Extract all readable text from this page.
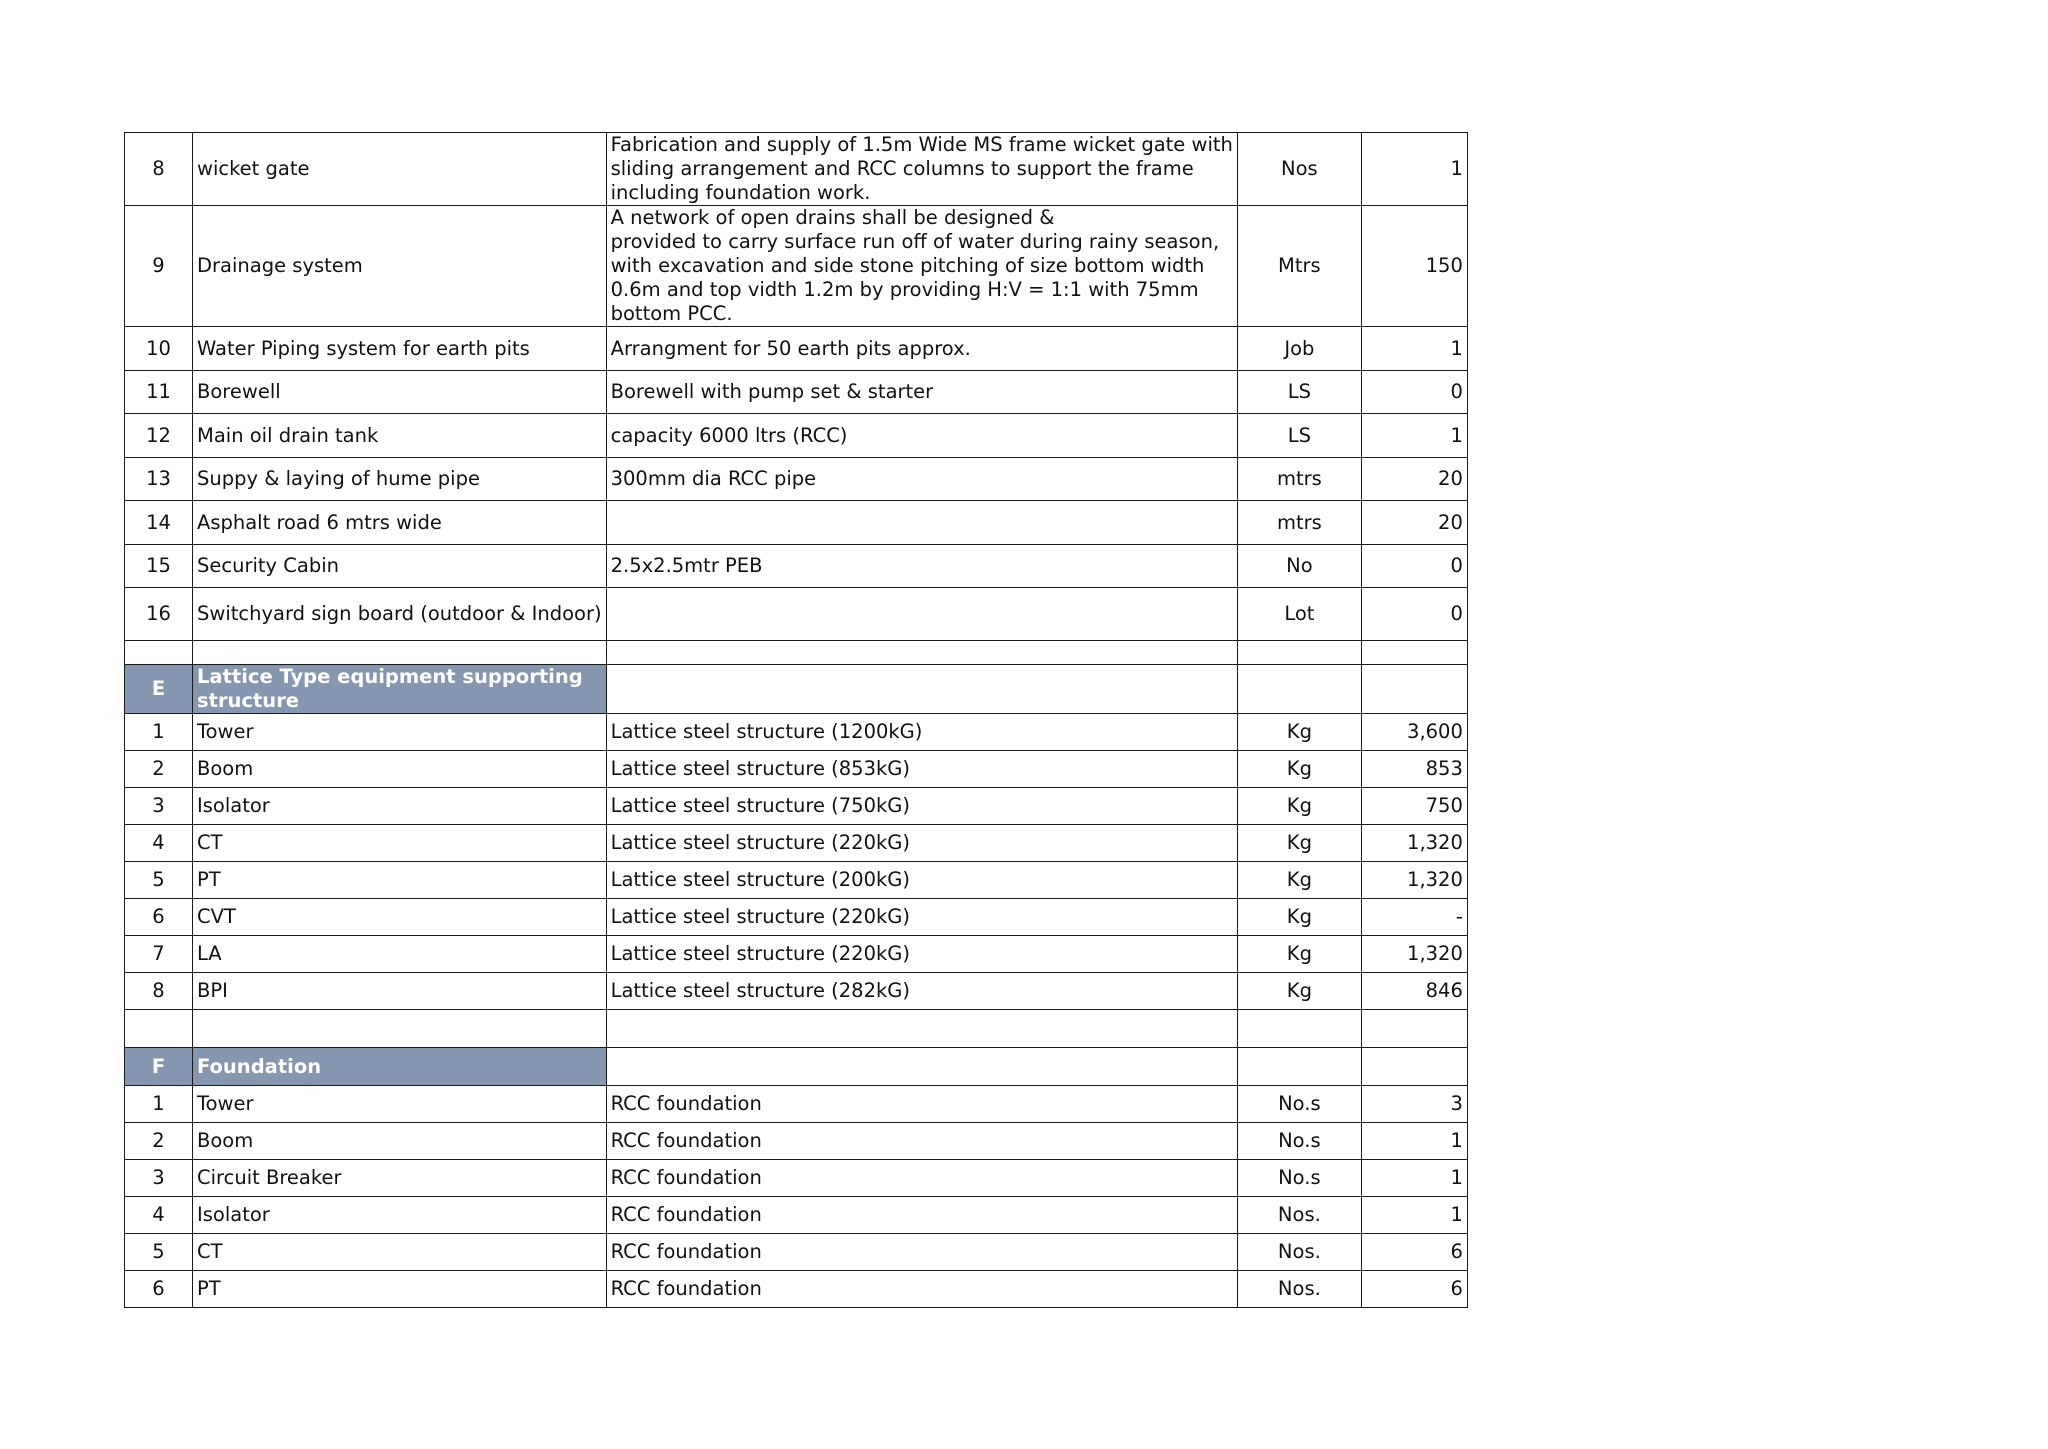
8	wicket gate	Fabrication and supply of 1.5m Wide MS frame wicket gate with
sliding arrangement and RCC columns to support the frame
including foundation work.	Nos	1
9	Drainage system	A network of open drains shall be designed &
provided to carry surface run off of water during rainy season,
with excavation and side stone pitching of size bottom width
0.6m and top vidth 1.2m by providing H:V = 1:1 with 75mm
bottom PCC.	Mtrs	150
10	Water Piping system for earth pits	Arrangment for 50 earth pits approx.	Job	1
11	Borewell	Borewell with pump set & starter	LS	0
12	Main oil drain tank	capacity 6000 ltrs (RCC)	LS	1
13	Suppy & laying of hume pipe	300mm dia RCC pipe	mtrs	20
14	Asphalt road 6 mtrs wide		mtrs	20
15	Security Cabin	2.5x2.5mtr PEB	No	0
16	Switchyard sign board (outdoor & Indoor)		Lot	0

E	Lattice Type equipment supporting structure			
1	Tower	Lattice steel structure (1200kG)	Kg	3,600
2	Boom	Lattice steel structure (853kG)	Kg	853
3	Isolator	Lattice steel structure (750kG)	Kg	750
4	CT	Lattice steel structure (220kG)	Kg	1,320
5	PT	Lattice steel structure (200kG)	Kg	1,320
6	CVT	Lattice steel structure (220kG)	Kg	-
7	LA	Lattice steel structure (220kG)	Kg	1,320
8	BPI	Lattice steel structure (282kG)	Kg	846

F	Foundation			
1	Tower	RCC foundation	No.s	3
2	Boom	RCC foundation	No.s	1
3	Circuit Breaker	RCC foundation	No.s	1
4	Isolator	RCC foundation	Nos.	1
5	CT	RCC foundation	Nos.	6
6	PT	RCC foundation	Nos.	6
